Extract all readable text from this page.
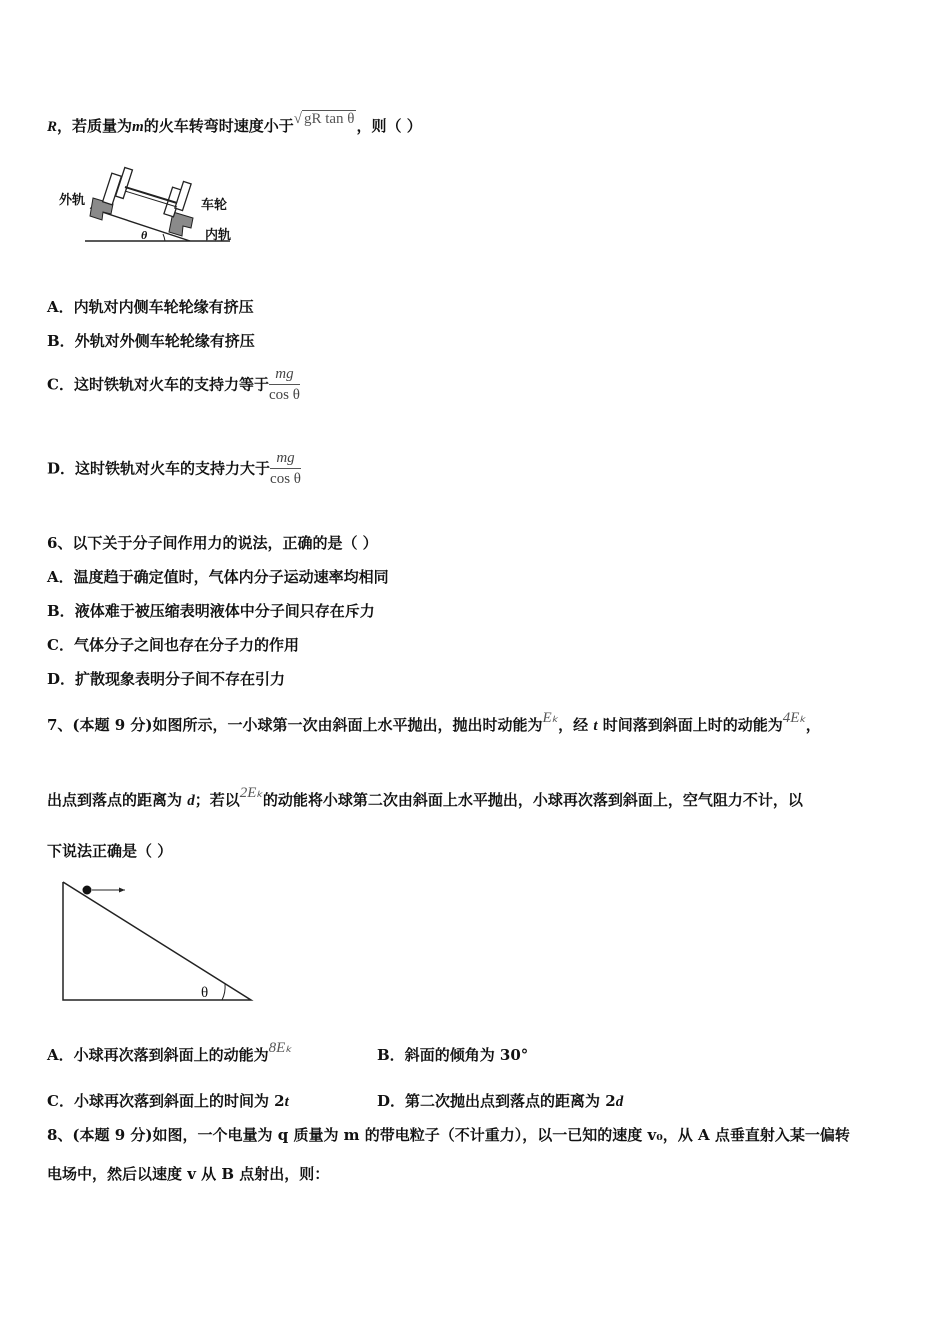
R，若质量为m的火车转弯时速度小于√ gR tan θ ，则（ ）
外轨	车轮
内轨
θ
A．内轨对内侧车轮轮缘有挤压
B．外轨对外侧车轮轮缘有挤压
C．这时铁轨对火车的支持力等于 $\frac{mg}{\text{cos θ}}$
D．这时铁轨对火车的支持力大于 $\frac{mg}{\text{cos θ}}$
6、以下关于分子间作用力的说法，正确的是（ ）
A．温度趋于确定值时，气体内分子运动速率均相同
B．液体难于被压缩表明液体中分子间只存在斥力
C．气体分子之间也存在分子力的作用
D．扩散现象表明分子间不存在引力
7、(本题 9 分)如图所示，一小球第一次由斜面上水平抛出，抛出时动能为Eₖ，经 t 时间落到斜面上时的动能为4Eₖ，
出点到落点的距离为 d；若以2Eₖ的动能将小球第二次由斜面上水平抛出，小球再次落到斜面上，空气阻力不计，以
下说法正确是（ ）
θ
A．小球再次落到斜面上的动能为8Eₖ	B．斜面的倾角为 30°
C．小球再次落到斜面上的时间为 2t	D．第二次抛出点到落点的距离为 2d
8、(本题 9 分)如图，一个电量为 q 质量为 m 的带电粒子（不计重力），以一已知的速度 v₀，从 A 点垂直射入某一偏转
电场中，然后以速度 v 从 B 点射出，则：
